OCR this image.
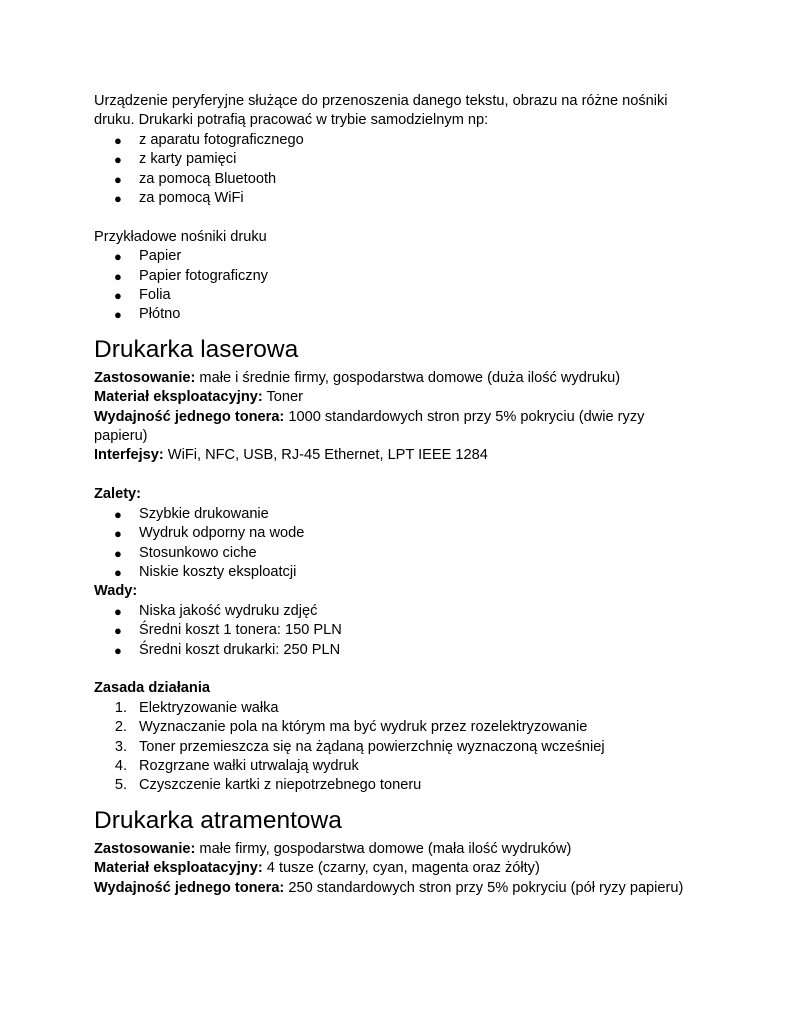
Urządzenie peryferyjne służące do przenoszenia danego tekstu, obrazu na różne nośniki druku. Drukarki potrafią pracować w trybie samodzielnym np:

● z aparatu fotograficznego
● z karty pamięci
● za pomocą Bluetooth
● za pomocą WiFi

Przykładowe nośniki druku

● Papier
● Papier fotograficzny
● Folia
● Płótno
Drukarka laserowa

Zastosowanie: małe i średnie firmy, gospodarstwa domowe (duża ilość wydruku)

Materiał eksploatacyjny: Toner

Wydajność jednego tonera: 1000 standardowych stron przy 5% pokryciu (dwie ryzy papieru)

Interfejsy: WiFi, NFC, USB, RJ-45 Ethernet, LPT IEEE 1284

Zalety:

● Szybkie drukowanie
● Wydruk odporny na wode
● Stosunkowo ciche
● Niskie koszty eksploatcji

Wady:

● Niska jakość wydruku zdjęć
● Średni koszt 1 tonera: 150 PLN
● Średni koszt drukarki: 250 PLN

Zasada działania

1. Elektryzowanie wałka
2. Wyznaczanie pola na którym ma być wydruk przez rozelektryzowanie
3. Toner przemieszcza się na żądaną powierzchnię wyznaczoną wcześniej
4. Rozgrzane wałki utrwalają wydruk
5. Czyszczenie kartki z niepotrzebnego toneru
Drukarka atramentowa

Zastosowanie: małe firmy, gospodarstwa domowe (mała ilość wydruków)

Materiał eksploatacyjny: 4 tusze (czarny, cyan, magenta oraz żółty)

Wydajność jednego tonera: 250 standardowych stron przy 5% pokryciu (pół ryzy papieru)
